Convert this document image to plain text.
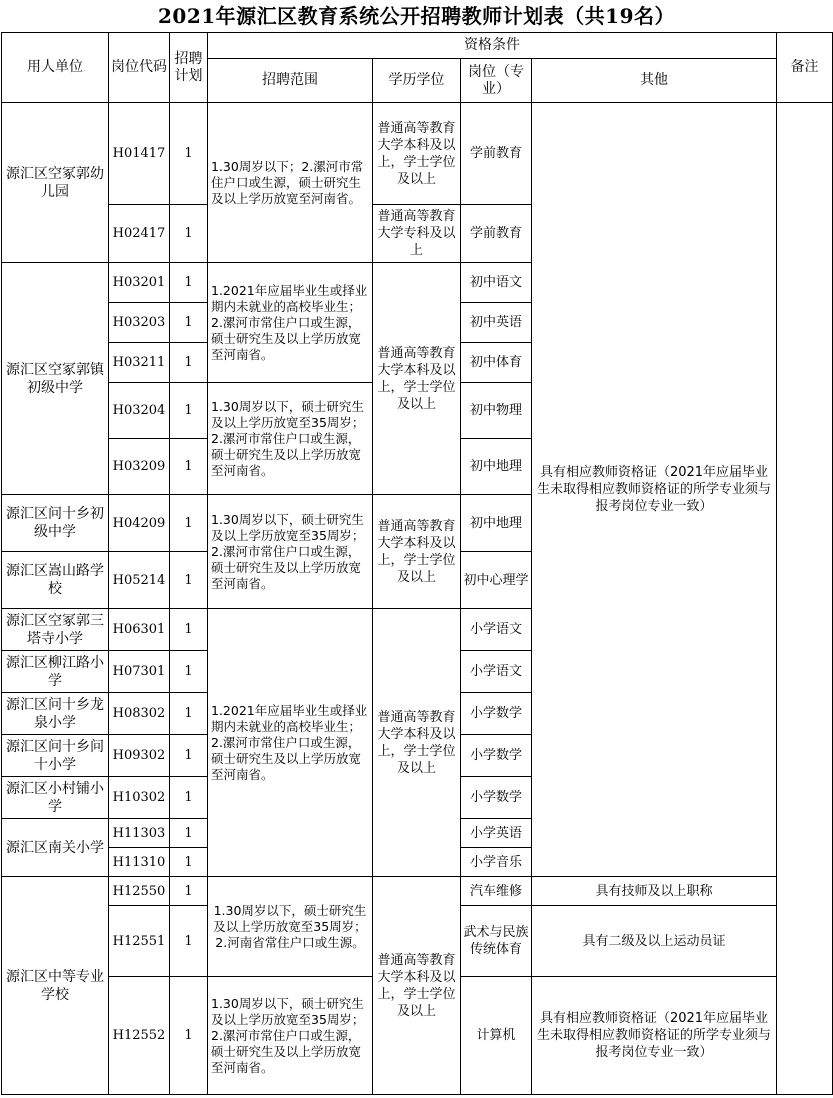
2021年源汇区教育系统公开招聘教师计划表（共19名）
用人单位	岗位代码	招聘计划	资格条件				备注
			招聘范围	学历学位	岗位（专业）	其他	
源汇区空冢郭幼儿园	H01417	1	1.30周岁以下；2.漯河市常住户口或生源，硕士研究生及以上学历放宽至河南省。	普通高等教育大学本科及以上，学士学位及以上	学前教育	具有相应教师资格证（2021年应届毕业生未取得相应教师资格证的所学专业须与报考岗位专业一致）	
	H02417	1		普通高等教育大学专科及以上	学前教育		
源汇区空冢郭镇初级中学	H03201	1	1.2021年应届毕业生或择业期内未就业的高校毕业生；2.漯河市常住户口或生源，硕士研究生及以上学历放宽至河南省。	普通高等教育大学本科及以上，学士学位及以上	初中语文		
	H03203	1			初中英语		
	H03211	1			初中体育		
	H03204	1	1.30周岁以下，硕士研究生及以上学历放宽至35周岁；2.漯河市常住户口或生源，硕士研究生及以上学历放宽至河南省。		初中物理		
	H03209	1			初中地理		
源汇区问十乡初级中学	H04209	1	1.30周岁以下，硕士研究生及以上学历放宽至35周岁；2.漯河市常住户口或生源，硕士研究生及以上学历放宽至河南省。	普通高等教育大学本科及以上，学士学位及以上	初中地理		
源汇区嵩山路学校	H05214	1			初中心理学		
源汇区空冢郭三塔寺小学	H06301	1	1.2021年应届毕业生或择业期内未就业的高校毕业生；2.漯河市常住户口或生源，硕士研究生及以上学历放宽至河南省。	普通高等教育大学本科及以上，学士学位及以上	小学语文		
源汇区柳江路小学	H07301	1			小学语文		
源汇区问十乡龙泉小学	H08302	1			小学数学		
源汇区问十乡问十小学	H09302	1			小学数学		
源汇区小村铺小学	H10302	1			小学数学		
源汇区南关小学	H11303	1			小学英语		
	H11310	1			小学音乐		
源汇区中等专业学校	H12550	1	1.30周岁以下，硕士研究生及以上学历放宽至35周岁；2.河南省常住户口或生源。	普通高等教育大学本科及以上，学士学位及以上	汽车维修	具有技师及以上职称	
	H12551	1			武术与民族传统体育	具有二级及以上运动员证	
	H12552	1	1.30周岁以下，硕士研究生及以上学历放宽至35周岁；2.漯河市常住户口或生源，硕士研究生及以上学历放宽至河南省。		计算机	具有相应教师资格证（2021年应届毕业生未取得相应教师资格证的所学专业须与报考岗位专业一致）	
